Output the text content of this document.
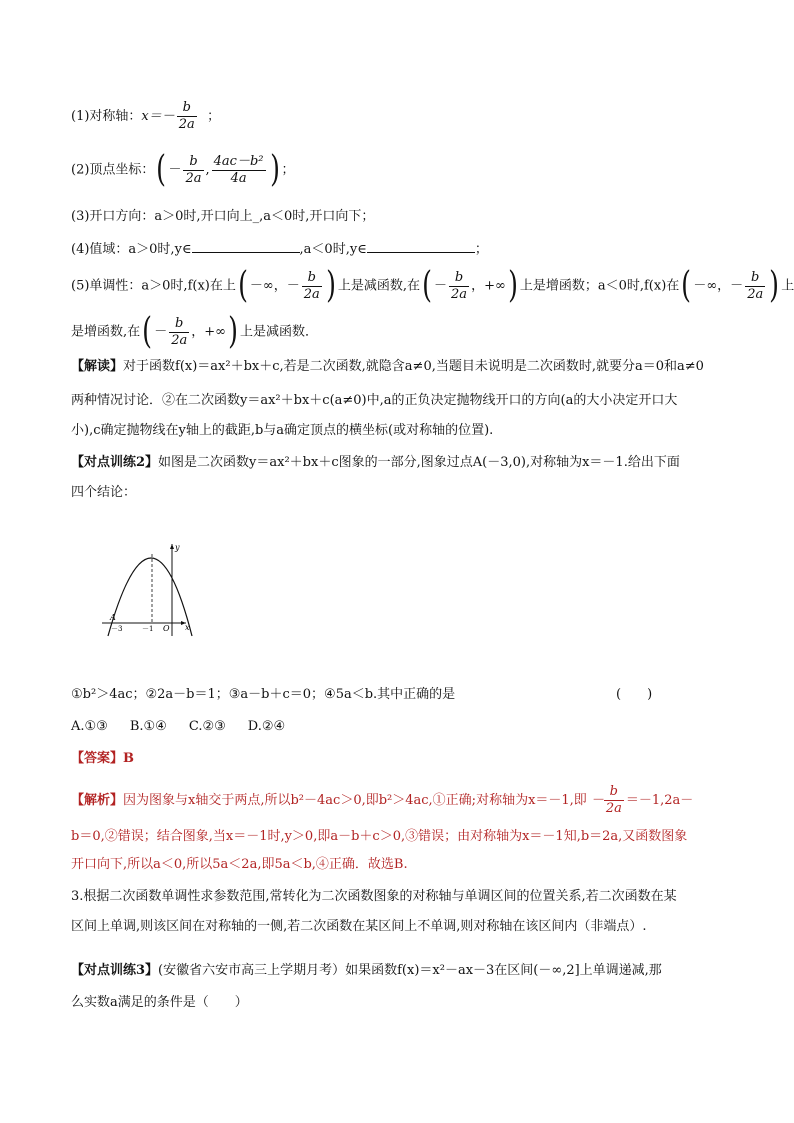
(1)对称轴：$x=- \frac{b}{2a}$ ；
(2)顶点坐标：( － $\frac{b}{2a}$ , $\frac{\text{4ac－b²}}{4a}$ ) ；
(3)开口方向：a＞0时,开口向上_,a＜0时,开口向下；
(4)值域：a＞0时,y∈	,a＜0时,y∈	；
(5)单调性：a＞0时,f(x)在上( －∞，－ $\frac{b}{2a}$ ) 上是减函数,在( － $\frac{b}{2a}$ ，+∞) 上是增函数；a＜0时,f(x)在( －∞，－ $\frac{b}{2a}$ ) 上
是增函数,在( － $\frac{b}{2a}$ ，+∞) 上是减函数．
【解读】对于函数f(x)＝ax²＋bx＋c,若是二次函数,就隐含a≠0,当题目未说明是二次函数时,就要分a＝0和a≠0
两种情况讨论．②在二次函数y＝ax²＋bx＋c(a≠0)中,a的正负决定抛物线开口的方向(a的大小决定开口大
小),c确定抛物线在y轴上的截距,b与a确定顶点的横坐标(或对称轴的位置).
【对点训练2】如图是二次函数y＝ax²＋bx＋c图象的一部分,图象过点A(－3,0),对称轴为x＝－1.给出下面
四个结论：
y
x
O
A
－3	－1
①b²＞4ac；②2a－b＝1；③a－b＋c＝0；④5a＜b.其中正确的是	(　　)
A.①③ B.①④ C.②③ D.②④
【答案】B
【解析】因为图象与x轴交于两点,所以b²－4ac＞0,即b²＞4ac,①正确;对称轴为x＝－1,即 － $\frac{b}{2a} =-1,2a-$
b＝0,②错误；结合图象,当x＝－1时,y＞0,即a－b＋c＞0,③错误；由对称轴为x＝－1知,b＝2a,又函数图象
开口向下,所以a＜0,所以5a＜2a,即5a＜b,④正确．故选B.
3.根据二次函数单调性求参数范围,常转化为二次函数图象的对称轴与单调区间的位置关系,若二次函数在某
区间上单调,则该区间在对称轴的一侧,若二次函数在某区间上不单调,则对称轴在该区间内（非端点）.
【对点训练3】(安徽省六安市高三上学期月考）如果函数f(x)＝x²－ax－3在区间(－∞,2]上单调递减,那
么实数a满足的条件是（　　）
